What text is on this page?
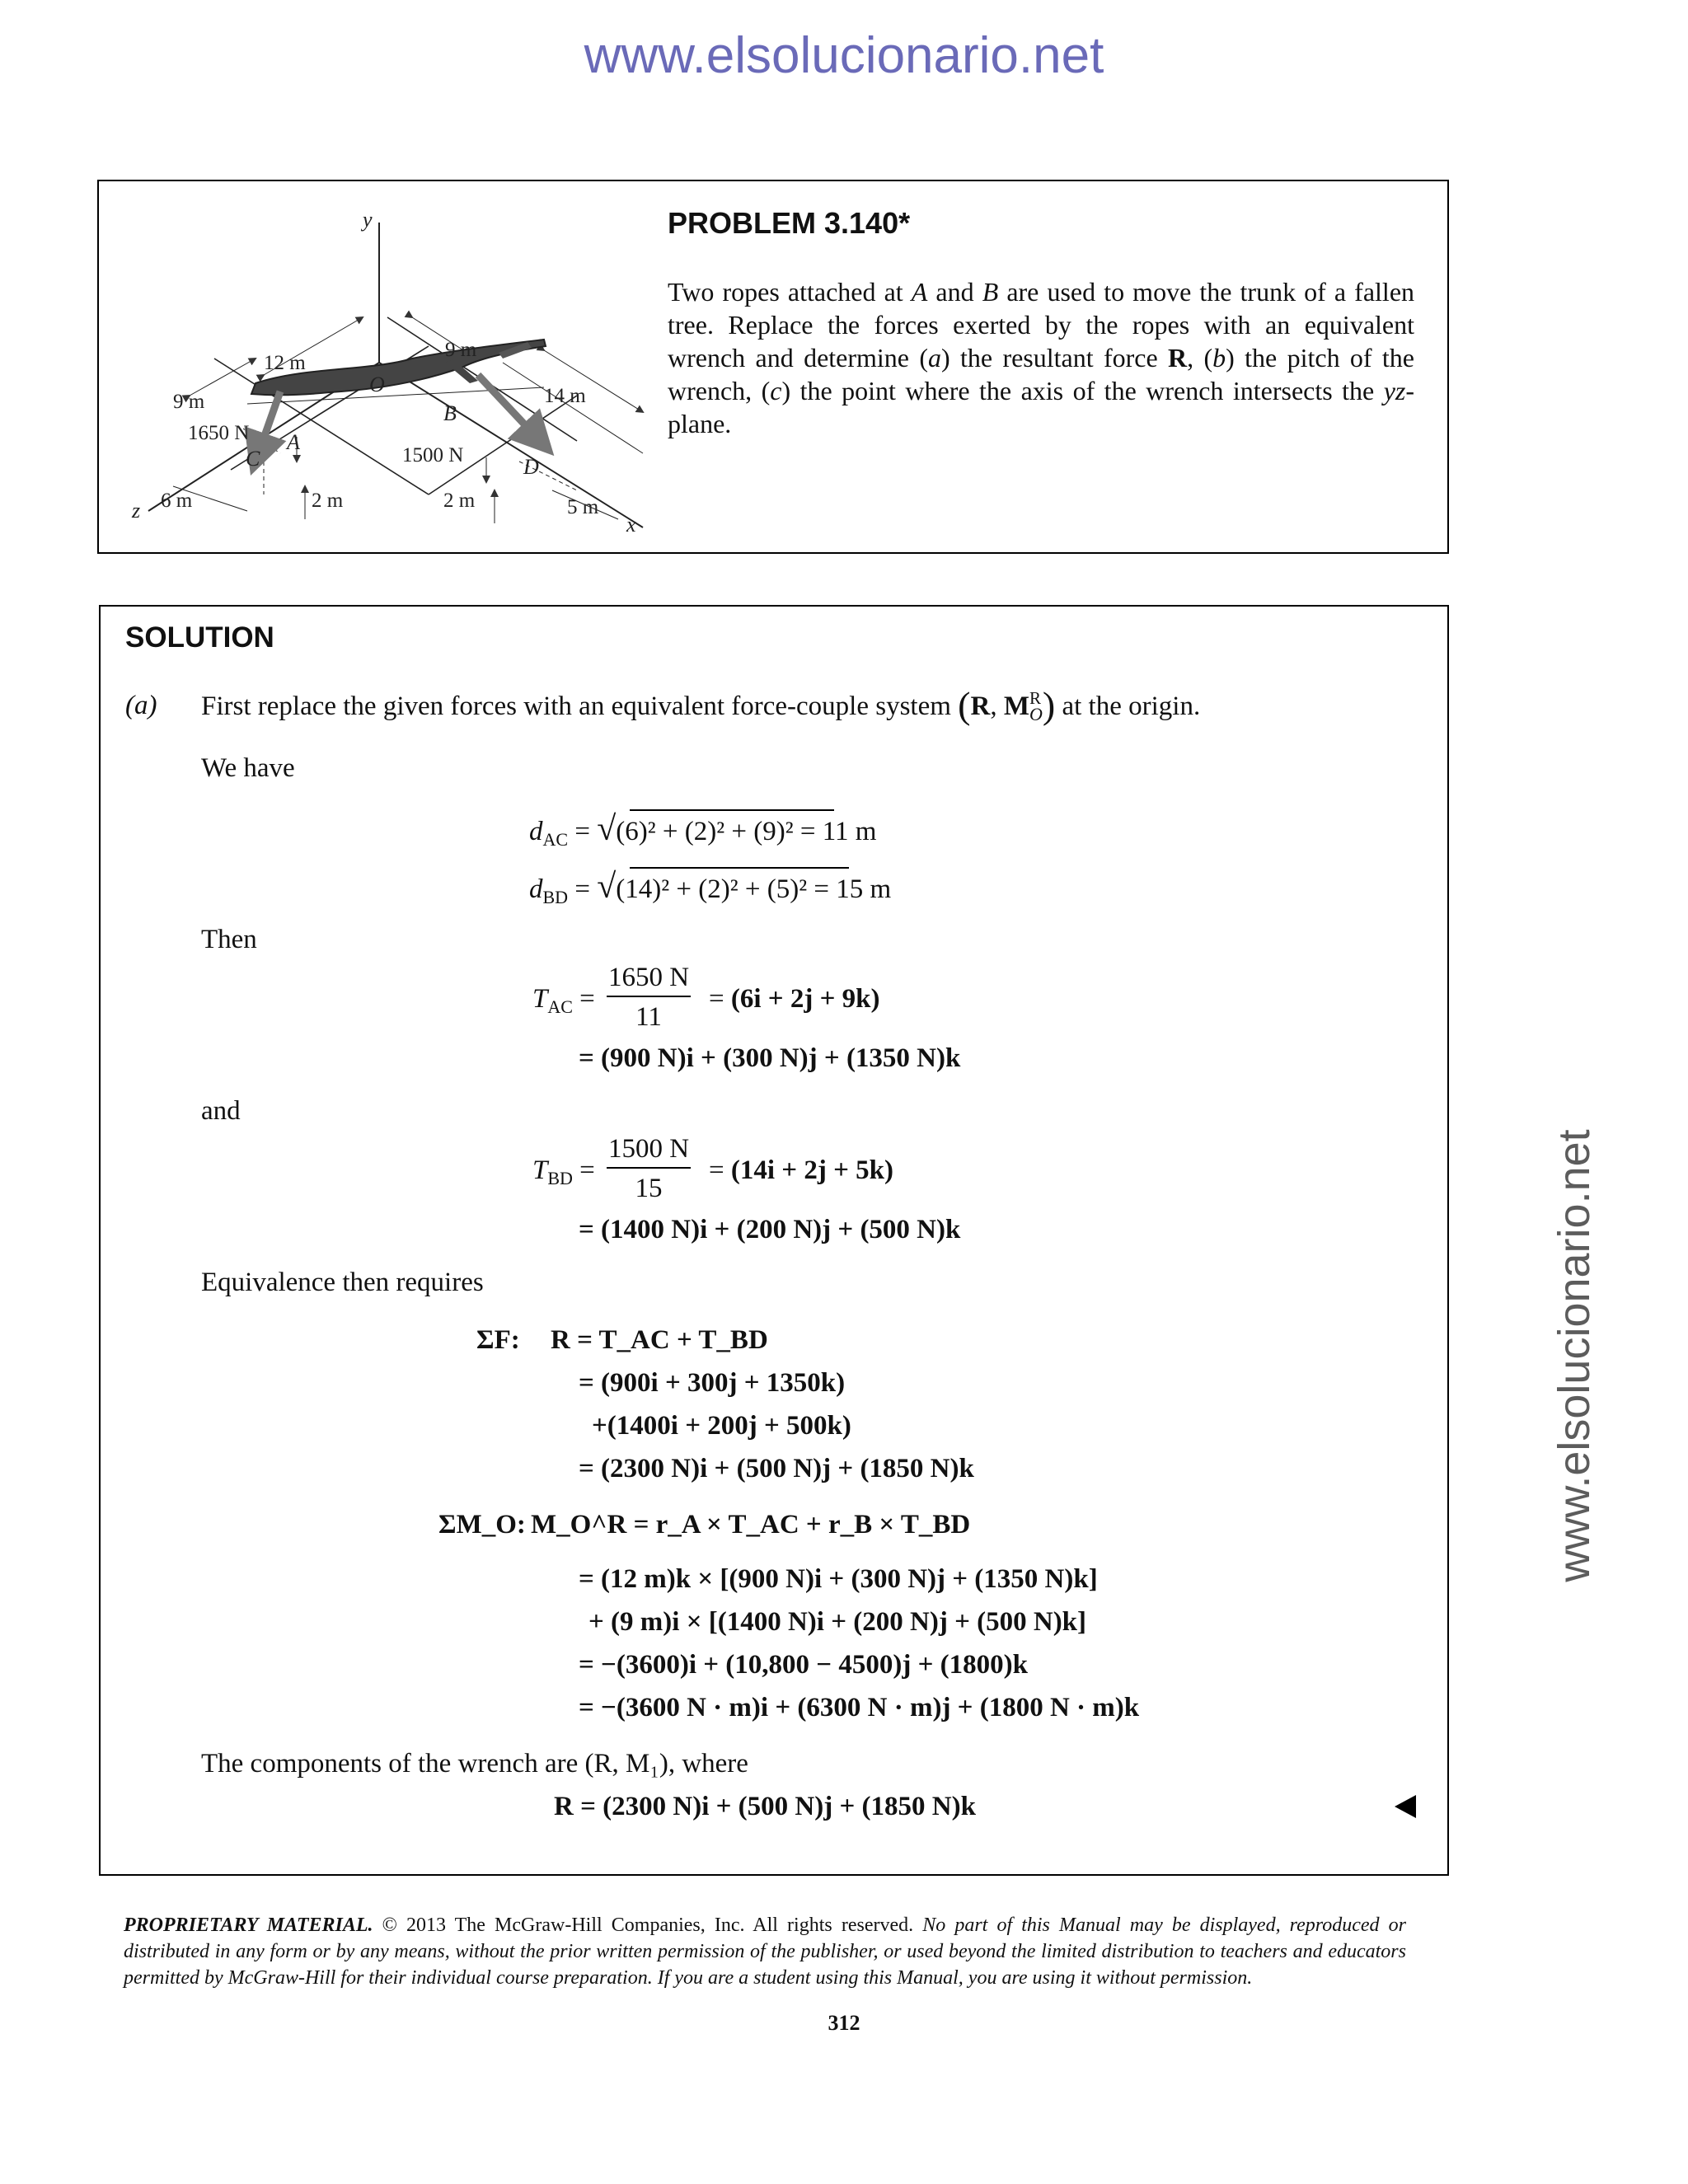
www.elsolucionario.net
www.elsolucionario.net
y
z
x
O
A
B
C	D
12 m
9 m
9 m
14 m
1650 N
1500 N
6 m	2 m	2 m	5 m
PROBLEM 3.140*
Two ropes attached at A and B are used to move the trunk of a fallen tree. Replace the forces exerted by the ropes with an equivalent wrench and determine (a) the resultant force R, (b) the pitch of the wrench, (c) the point where the axis of the wrench intersects the yz-plane.
SOLUTION
(a) First replace the given forces with an equivalent force-couple system (R, $M^R_O$) at the origin.
We have
$d_{AC} = √(6)^2 + (2)^2 + (9)^2 = 11$ m
$d_{BD} = √(14)^2 + (2)^2 + (5)^2 = 15$ m
Then
$T_{AC} = \frac{1650 N}{11} = (6i + 2j + 9k)$
= (900 N)i + (300 N)j + (1350 N)k
and
$T_{BD} = \frac{1500 N}{15} = (14i + 2j + 5k)$
= (1400 N)i + (200 N)j + (500 N)k
Equivalence then requires
ΣF: R = T_AC + T_BD
= (900i + 300j + 1350k)
+(1400i + 200j + 500k)
= (2300 N)i + (500 N)j + (1850 N)k
ΣM_O: M_O^R = r_A × T_AC + r_B × T_BD
= (12 m)k × [(900 N)i + (300 N)j + (1350 N)k]
+ (9 m)i × [(1400 N)i + (200 N)j + (500 N)k]
= −(3600)i + (10,800 − 4500)j + (1800)k
= −(3600 N · m)i + (6300 N · m)j + (1800 N · m)k
The components of the wrench are (R, M₁), where
R = (2300 N)i + (500 N)j + (1850 N)k
PROPRIETARY MATERIAL. © 2013 The McGraw-Hill Companies, Inc. All rights reserved. No part of this Manual may be displayed, reproduced or distributed in any form or by any means, without the prior written permission of the publisher, or used beyond the limited distribution to teachers and educators permitted by McGraw-Hill for their individual course preparation. If you are a student using this Manual, you are using it without permission.
312
